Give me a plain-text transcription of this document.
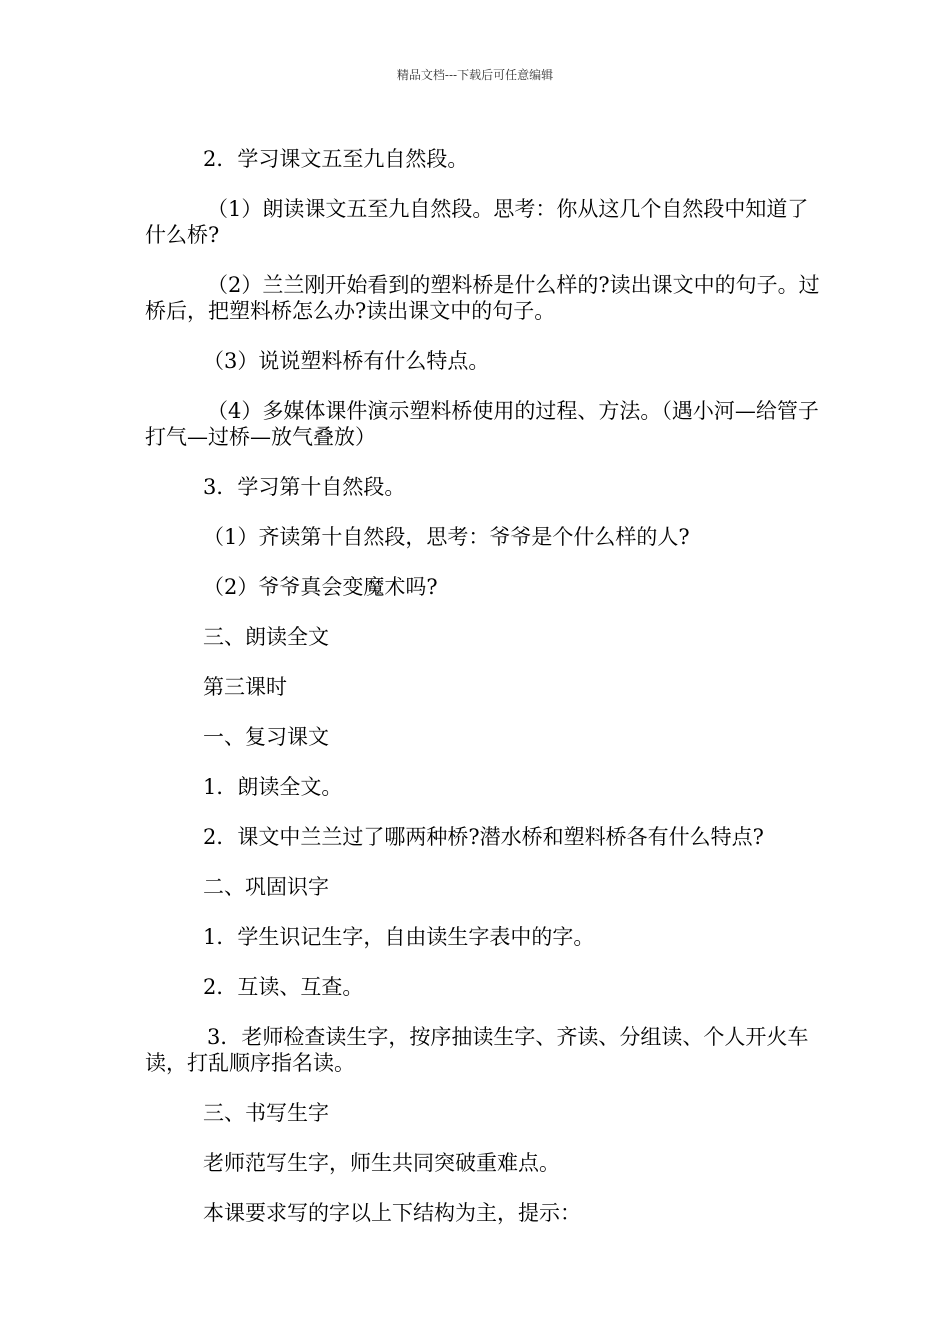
精品文档---下载后可任意编辑

2．学习课文五至九自然段。

（1）朗读课文五至九自然段。思考：你从这几个自然段中知道了什么桥?

（2）兰兰刚开始看到的塑料桥是什么样的?读出课文中的句子。过桥后，把塑料桥怎么办?读出课文中的句子。

（3）说说塑料桥有什么特点。

（4）多媒体课件演示塑料桥使用的过程、方法。（遇小河—给管子打气—过桥—放气叠放）

3．学习第十自然段。

（1）齐读第十自然段，思考：爷爷是个什么样的人?

（2）爷爷真会变魔术吗?

三、朗读全文

第三课时

一、复习课文

1．朗读全文。

2．课文中兰兰过了哪两种桥?潜水桥和塑料桥各有什么特点?

二、巩固识字

1．学生识记生字，自由读生字表中的字。

2．互读、互查。

3．老师检查读生字，按序抽读生字、齐读、分组读、个人开火车读，打乱顺序指名读。

三、书写生字

老师范写生字，师生共同突破重难点。

本课要求写的字以上下结构为主，提示：
